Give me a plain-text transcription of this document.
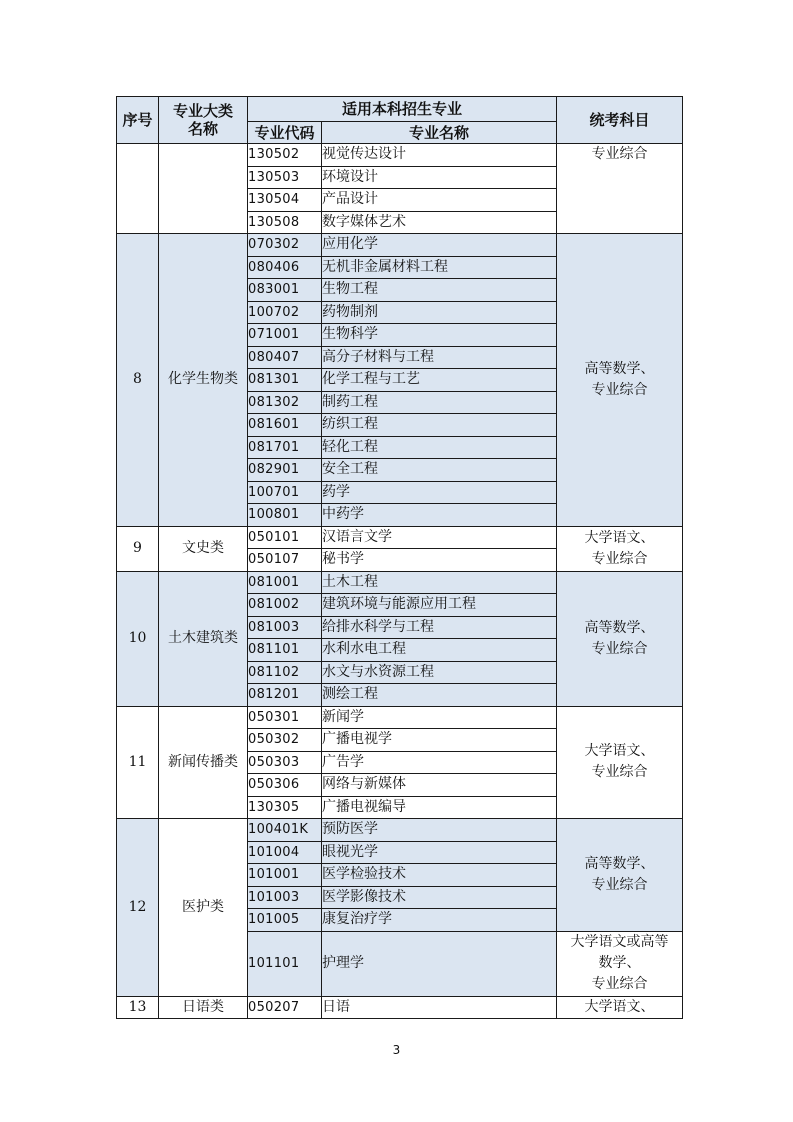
序号	专业大类名称	适用本科招生专业		统考科目
		专业代码	专业名称	
		130502	视觉传达设计	专业综合

		130503	环境设计	
		130504	产品设计	
		130508	数字媒体艺术	
8	化学生物类	070302	应用化学	高等数学、
专业综合

		080406	无机非金属材料工程	
		083001	生物工程	
		100702	药物制剂	
		071001	生物科学	
		080407	高分子材料与工程	
		081301	化学工程与工艺	
		081302	制药工程	
		081601	纺织工程	
		081701	轻化工程	
		082901	安全工程	
		100701	药学	
		100801	中药学	
9	文史类	050101	汉语言文学	大学语文、
专业综合

		050107	秘书学	
10	土木建筑类	081001	土木工程	高等数学、
专业综合

		081002	建筑环境与能源应用工程	
		081003	给排水科学与工程	
		081101	水利水电工程	
		081102	水文与水资源工程	
		081201	测绘工程	
11	新闻传播类	050301	新闻学	大学语文、
专业综合

		050302	广播电视学	
		050303	广告学	
		050306	网络与新媒体	
		130305	广播电视编导	
12	医护类	100401K	预防医学	高等数学、
专业综合

		101004	眼视光学	
		101001	医学检验技术	
		101003	医学影像技术	
		101005	康复治疗学	
		101101	护理学	大学语文或高等
数学、
专业综合

13	日语类	050207	日语	大学语文、
3
